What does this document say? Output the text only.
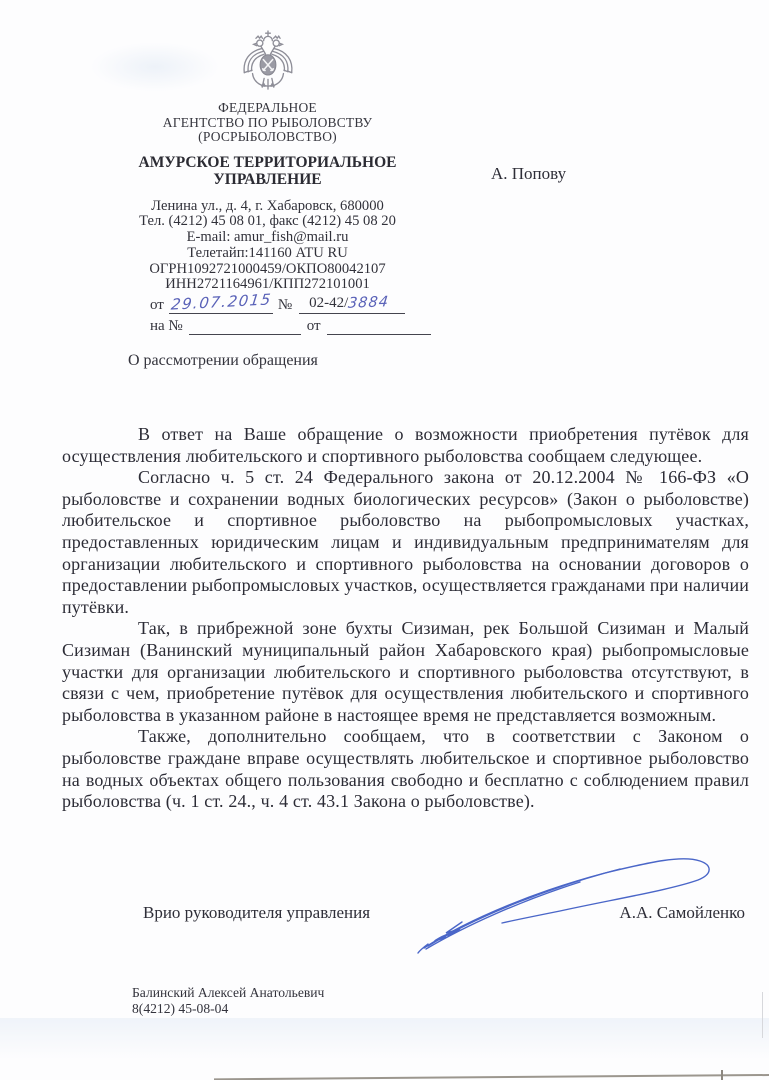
ФЕДЕРАЛЬНОЕ
АГЕНТСТВО ПО РЫБОЛОВСТВУ
(РОСРЫБОЛОВСТВО)
АМУРСКОЕ ТЕРРИТОРИАЛЬНОЕ
УПРАВЛЕНИЕ
Ленина ул., д. 4, г. Хабаровск, 680000
Тел. (4212) 45 08 01, факс (4212) 45 08 20
E-mail: amur_fish@mail.ru
Телетайп:141160 ATU RU
ОГРН1092721000459/ОКПО80042107
ИНН2721164961/КПП272101001
А. Попову
от 29.07.2015 №	02-42/3884
на №	от
О рассмотрении обращения

В ответ на Ваше обращение о возможности приобретения путёвок для осуществления любительского и спортивного рыболовства сообщаем следующее.

Согласно ч. 5 ст. 24 Федерального закона от 20.12.2004 № 166-ФЗ «О рыболовстве и сохранении водных биологических ресурсов» (Закон о рыболовстве) любительское и спортивное рыболовство на рыбопромысловых участках, предоставленных юридическим лицам и индивидуальным предпринимателям для организации любительского и спортивного рыболовства на основании договоров о предоставлении рыбопромысловых участков, осуществляется гражданами при наличии путёвки.

Так, в прибрежной зоне бухты Сизиман, рек Большой Сизиман и Малый Сизиман (Ванинский муниципальный район Хабаровского края) рыбопромысловые участки для организации любительского и спортивного рыболовства отсутствуют, в связи с чем, приобретение путёвок для осуществления любительского и спортивного рыболовства в указанном районе в настоящее время не представляется возможным.

Также, дополнительно сообщаем, что в соответствии с Законом о рыболовстве граждане вправе осуществлять любительское и спортивное рыболовство на водных объектах общего пользования свободно и бесплатно с соблюдением правил рыболовства (ч. 1 ст. 24., ч. 4 ст. 43.1 Закона о рыболовстве).

Врио руководителя управления	А.А. Самойленко
Балинский Алексей Анатольевич
8(4212) 45-08-04
